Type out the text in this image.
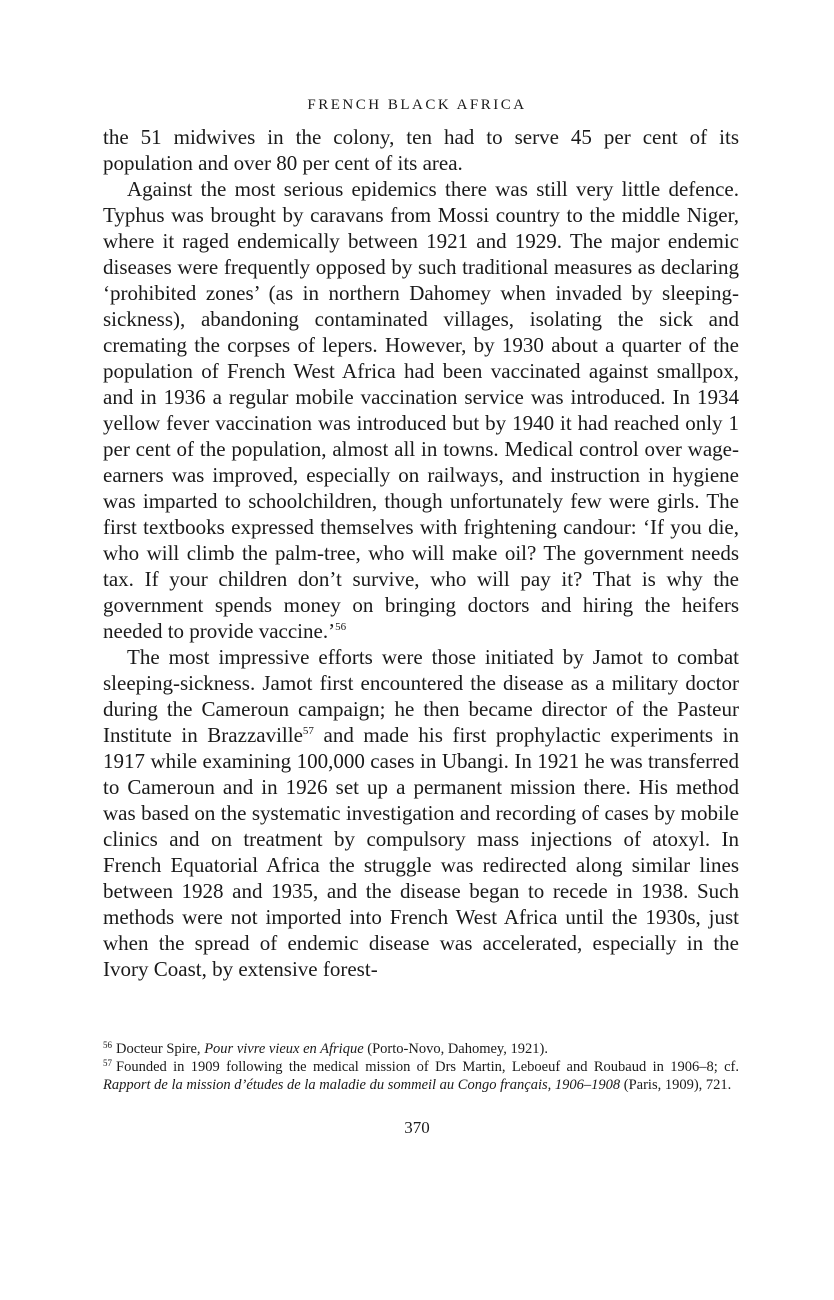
FRENCH BLACK AFRICA

the 51 midwives in the colony, ten had to serve 45 per cent of its population and over 80 per cent of its area.

Against the most serious epidemics there was still very little defence. Typhus was brought by caravans from Mossi country to the middle Niger, where it raged endemically between 1921 and 1929. The major endemic diseases were frequently opposed by such traditional measures as declaring ‘prohibited zones’ (as in northern Dahomey when invaded by sleeping-sickness), abandoning contaminated villages, isolating the sick and cremating the corpses of lepers. However, by 1930 about a quarter of the population of French West Africa had been vaccinated against smallpox, and in 1936 a regular mobile vaccination service was introduced. In 1934 yellow fever vaccination was introduced but by 1940 it had reached only 1 per cent of the population, almost all in towns. Medical control over wage-earners was improved, especially on railways, and instruction in hygiene was imparted to schoolchildren, though unfortunately few were girls. The first textbooks expressed themselves with frightening candour: ‘If you die, who will climb the palm-tree, who will make oil? The government needs tax. If your children don’t survive, who will pay it? That is why the government spends money on bringing doctors and hiring the heifers needed to provide vaccine.’$^{56}$

The most impressive efforts were those initiated by Jamot to combat sleeping-sickness. Jamot first encountered the disease as a military doctor during the Cameroun campaign; he then became director of the Pasteur Institute in Brazzaville$^{57}$ and made his first prophylactic experiments in 1917 while examining 100,000 cases in Ubangi. In 1921 he was transferred to Cameroun and in 1926 set up a permanent mission there. His method was based on the systematic investigation and recording of cases by mobile clinics and on treatment by compulsory mass injections of atoxyl. In French Equatorial Africa the struggle was redirected along similar lines between 1928 and 1935, and the disease began to recede in 1938. Such methods were not imported into French West Africa until the 1930s, just when the spread of endemic disease was accelerated, especially in the Ivory Coast, by extensive forest-

$^{56}$ Docteur Spire, Pour vivre vieux en Afrique (Porto-Novo, Dahomey, 1921).

$^{57}$ Founded in 1909 following the medical mission of Drs Martin, Leboeuf and Roubaud in 1906–8; cf. Rapport de la mission d’études de la maladie du sommeil au Congo français, 1906–1908 (Paris, 1909), 721.

370
